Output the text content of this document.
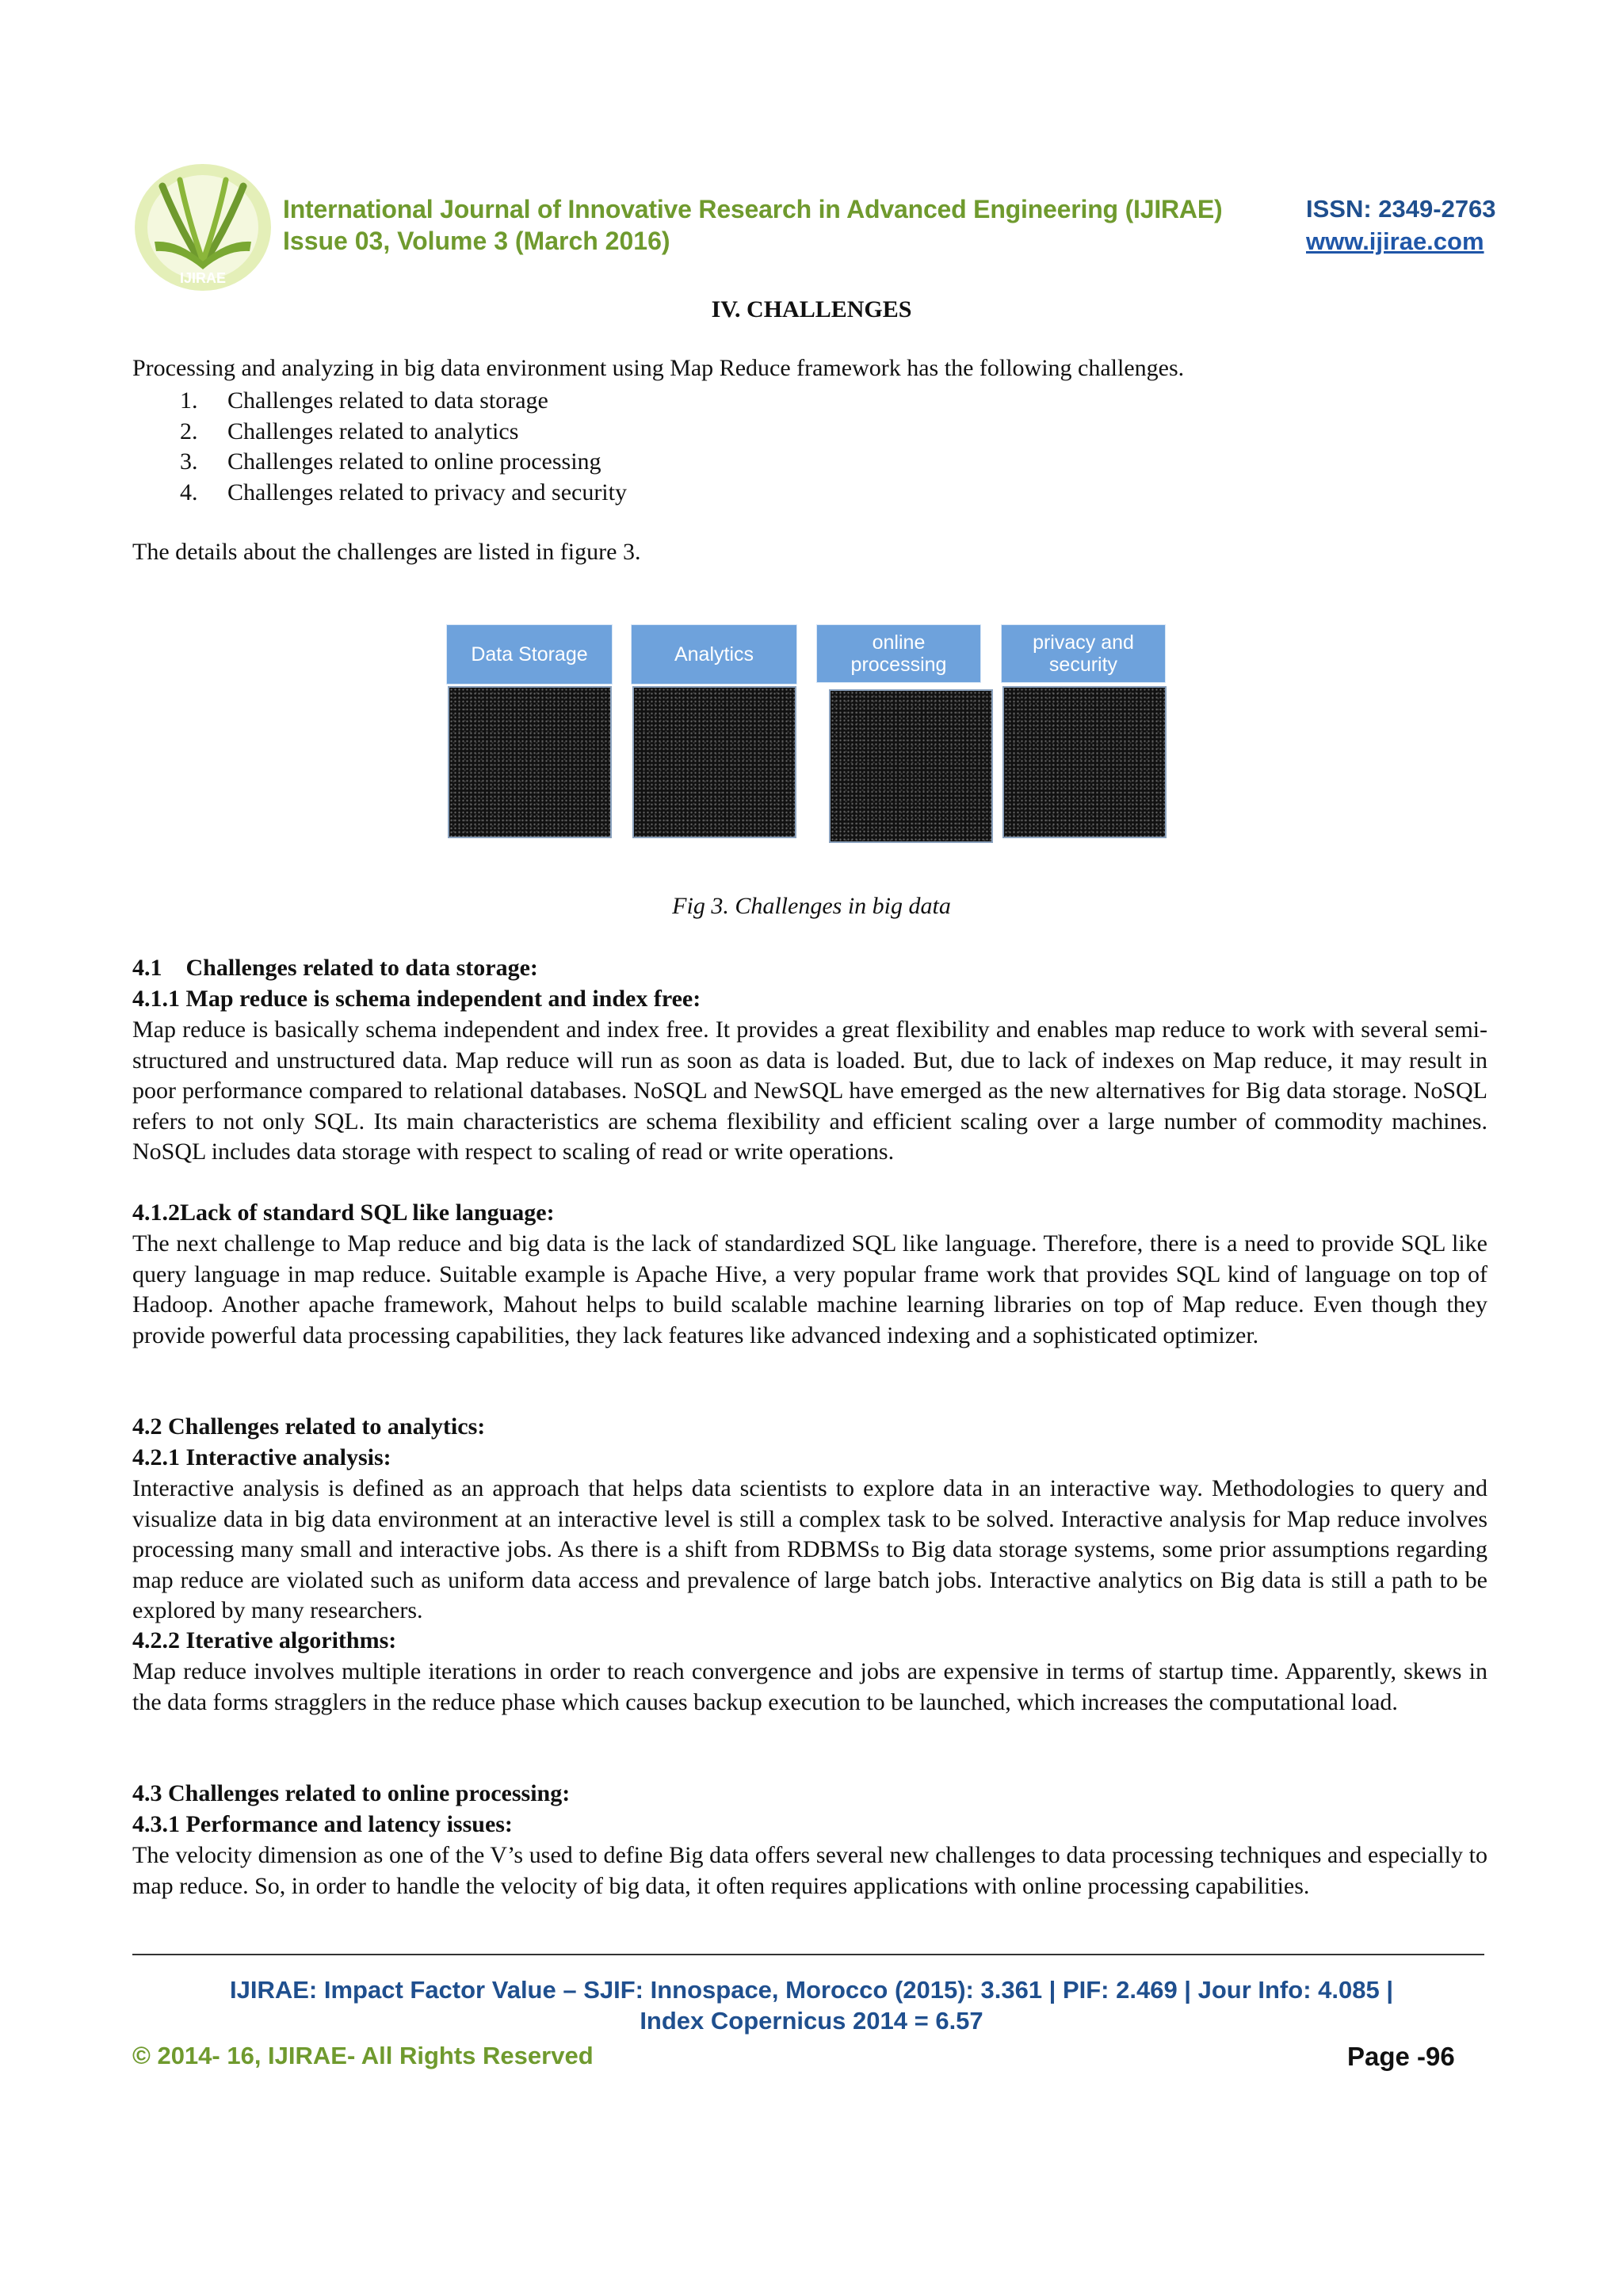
IJIRAE
International Journal of Innovative Research in Advanced Engineering (IJIRAE)
Issue 03, Volume 3 (March 2016)
ISSN: 2349-2763
www.ijirae.com
IV. CHALLENGES
Processing and analyzing in big data environment using Map Reduce framework has the following challenges.
1. Challenges related to data storage
2. Challenges related to analytics
3. Challenges related to online processing
4. Challenges related to privacy and security
The details about the challenges are listed in figure 3.
Data Storage	Analytics
online processing
privacy and security
Fig 3. Challenges in big data
4.1 Challenges related to data storage:
4.1.1 Map reduce is schema independent and index free:
Map reduce is basically schema independent and index free. It provides a great flexibility and enables map reduce to work with several semi-structured and unstructured data. Map reduce will run as soon as data is loaded. But, due to lack of indexes on Map reduce, it may result in poor performance compared to relational databases. NoSQL and NewSQL have emerged as the new alternatives for Big data storage. NoSQL refers to not only SQL. Its main characteristics are schema flexibility and efficient scaling over a large number of commodity machines. NoSQL includes data storage with respect to scaling of read or write operations.
4.1.2Lack of standard SQL like language:
The next challenge to Map reduce and big data is the lack of standardized SQL like language. Therefore, there is a need to provide SQL like query language in map reduce. Suitable example is Apache Hive, a very popular frame work that provides SQL kind of language on top of Hadoop. Another apache framework, Mahout helps to build scalable machine learning libraries on top of Map reduce. Even though they provide powerful data processing capabilities, they lack features like advanced indexing and a sophisticated optimizer.
4.2 Challenges related to analytics:
4.2.1 Interactive analysis:
Interactive analysis is defined as an approach that helps data scientists to explore data in an interactive way. Methodologies to query and visualize data in big data environment at an interactive level is still a complex task to be solved. Interactive analysis for Map reduce involves processing many small and interactive jobs. As there is a shift from RDBMSs to Big data storage systems, some prior assumptions regarding map reduce are violated such as uniform data access and prevalence of large batch jobs. Interactive analytics on Big data is still a path to be explored by many researchers.
4.2.2 Iterative algorithms:
Map reduce involves multiple iterations in order to reach convergence and jobs are expensive in terms of startup time. Apparently, skews in the data forms stragglers in the reduce phase which causes backup execution to be launched, which increases the computational load.
4.3 Challenges related to online processing:
4.3.1 Performance and latency issues:
The velocity dimension as one of the V’s used to define Big data offers several new challenges to data processing techniques and especially to map reduce. So, in order to handle the velocity of big data, it often requires applications with online processing capabilities.
IJIRAE: Impact Factor Value – SJIF: Innospace, Morocco (2015): 3.361 | PIF: 2.469 | Jour Info: 4.085 |
Index Copernicus 2014 = 6.57
© 2014- 16, IJIRAE- All Rights Reserved	Page -96
